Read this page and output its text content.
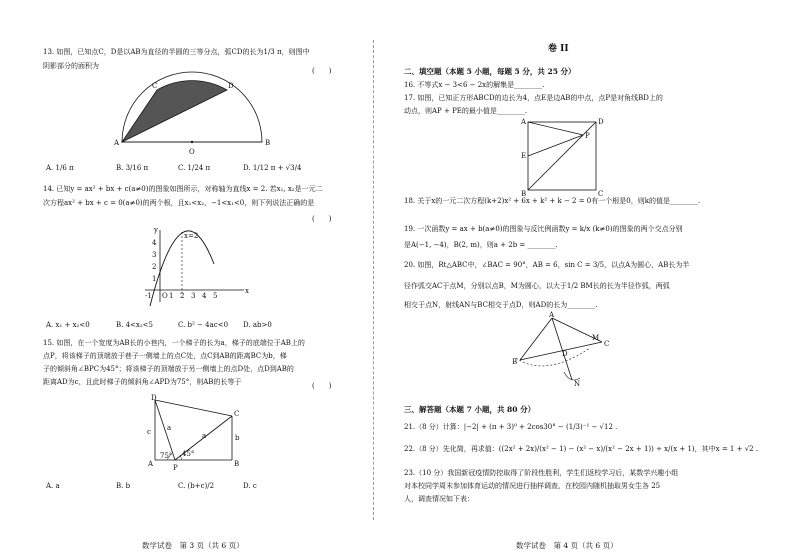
13. 如图，已知点C，D是以AB为直径的半圆的三等分点，弧CD的长为1/3 π，则图中
阴影部分的面积为
(　　)
A	B
C	D
O
A. 1/6 π	B. 3/16 π	C. 1/24 π	D. 1/12 π + √3/4
14. 已知y = ax² + bx + c(a≠0)的图象如图所示，对称轴为直线x = 2. 若x₁, x₂是一元二
次方程ax² + bx + c = 0(a≠0)的两个根，且x₁<x₂，−1<x₁<0，则下列说法正确的是
(　　)
x=2
x
y
O
4
3
2
1
-1 1 2 3 4 5
A. x₁ + x₂<0	B. 4<x₂<5	C. b² − 4ac<0 D. ab>0
15. 如图，在一个宽度为AB长的小巷内，一个梯子的长为a，梯子的底端位于AB上的
点P，将该梯子的顶端放于巷子一侧墙上的点C处，点C到AB的距离BC为b，梯
子的倾斜角∠BPC为45°；将该梯子的顶端放于另一侧墙上的点D处，点D到AB的
距离AD为c，且此时梯子的倾斜角∠APD为75°，则AB的长等于	(　　)
D
C
A	B
P
c
b
a
a
75° 45°
A. a	B. b	C. (b+c)/2	D. c
数学试卷　第 3 页（共 6 页）
卷 II
二、填空题（本题 5 小题，每题 5 分，共 25 分）
16. 不等式x − 3<6 − 2x的解集是________.
17. 如图，已知正方形ABCD的边长为4，点E是边AB的中点，点P是对角线BD上的
动点，则AP + PE的最小值是________.
A	D
B	C
E
P
18. 关于x的一元二次方程(k+2)x² + 6x + k² + k − 2 = 0有一个根是0，则k的值是________.
19. 一次函数y = ax + b(a≠0)的图象与反比例函数y = k/x (k≠0)的图象的两个交点分别
是A(−1, −4)，B(2, m)，则a + 2b = ________.
20. 如图，Rt△ABC中，∠BAC = 90°，AB = 6，sin C = 3/5，以点A为圆心，AB长为半
径作弧交AC于点M，分别以点B，M为圆心，以大于1/2 BM长的长为半径作弧，两弧
相交于点N，射线AN与BC相交于点D，则AD的长为________.
A
B
C
D
M
N
三、解答题（本题 7 小题，共 80 分）
21.（8 分）计算：|−2| + (π + 3)⁰ + 2cos30° − (1/3)⁻¹ − √12 .
22.（8 分）先化简，再求值：((2x² + 2x)/(x² − 1) − (x² − x)/(x² − 2x + 1)) ÷ x/(x + 1)，其中x = 1 + √2 .
23.（10 分）我国新冠疫情防控取得了阶段性胜利，学生们返校学习后，某数学兴趣小组
对本校同学周末参加体育运动的情况进行抽样调查，在校园内随机抽取男女生各 25
人，调查情况如下表：
数学试卷　第 4 页（共 6 页）
